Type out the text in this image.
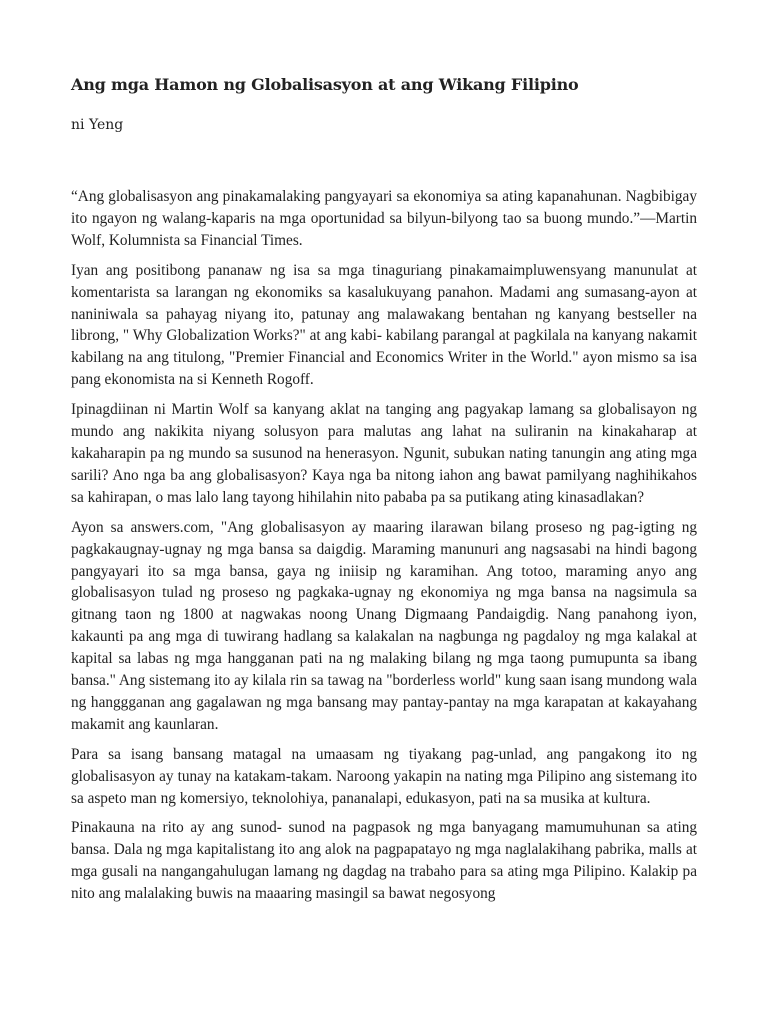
Ang mga Hamon ng Globalisasyon at ang Wikang Filipino

ni Yeng

“Ang globalisasyon ang pinakamalaking pangyayari sa ekonomiya sa ating kapanahunan. Nagbibigay ito ngayon ng walang-kaparis na mga oportunidad sa bilyun-bilyong tao sa buong mundo.”—Martin Wolf, Kolumnista sa Financial Times.

Iyan ang positibong pananaw ng isa sa mga tinaguriang pinakamaimpluwensyang manunulat at komentarista sa larangan ng ekonomiks sa kasalukuyang panahon. Madami ang sumasang-ayon at naniniwala sa pahayag niyang ito, patunay ang malawakang bentahan ng kanyang bestseller na librong, " Why Globalization Works?" at ang kabi- kabilang parangal at pagkilala na kanyang nakamit kabilang na ang titulong, "Premier Financial and Economics Writer in the World." ayon mismo sa isa pang ekonomista na si Kenneth Rogoff.

Ipinagdiinan ni Martin Wolf sa kanyang aklat na tanging ang pagyakap lamang sa globalisayon ng mundo ang nakikita niyang solusyon para malutas ang lahat na suliranin na kinakaharap at kakaharapin pa ng mundo sa susunod na henerasyon. Ngunit, subukan nating tanungin ang ating mga sarili? Ano nga ba ang globalisasyon? Kaya nga ba nitong iahon ang bawat pamilyang naghihikahos sa kahirapan, o mas lalo lang tayong hihilahin nito pababa pa sa putikang ating kinasadlakan?

Ayon sa answers.com, "Ang globalisasyon ay maaring ilarawan bilang proseso ng pag-igting ng pagkakaugnay-ugnay ng mga bansa sa daigdig. Maraming manunuri ang nagsasabi na hindi bagong pangyayari ito sa mga bansa, gaya ng iniisip ng karamihan. Ang totoo, maraming anyo ang globalisasyon tulad ng proseso ng pagkaka-ugnay ng ekonomiya ng mga bansa na nagsimula sa gitnang taon ng 1800 at nagwakas noong Unang Digmaang Pandaigdig. Nang panahong iyon, kakaunti pa ang mga di tuwirang hadlang sa kalakalan na nagbunga ng pagdaloy ng mga kalakal at kapital sa labas ng mga hangganan pati na ng malaking bilang ng mga taong pumupunta sa ibang bansa." Ang sistemang ito ay kilala rin sa tawag na "borderless world" kung saan isang mundong wala ng hanggganan ang gagalawan ng mga bansang may pantay-pantay na mga karapatan at kakayahang makamit ang kaunlaran.

Para sa isang bansang matagal na umaasam ng tiyakang pag-unlad, ang pangakong ito ng globalisasyon ay tunay na katakam-takam. Naroong yakapin na nating mga Pilipino ang sistemang ito sa aspeto man ng komersiyo, teknolohiya, pananalapi, edukasyon, pati na sa musika at kultura.

Pinakauna na rito ay ang sunod- sunod na pagpasok ng mga banyagang mamumuhunan sa ating bansa. Dala ng mga kapitalistang ito ang alok na pagpapatayo ng mga naglalakihang pabrika, malls at mga gusali na nangangahulugan lamang ng dagdag na trabaho para sa ating mga Pilipino. Kalakip pa nito ang malalaking buwis na maaaring masingil sa bawat negosyong
